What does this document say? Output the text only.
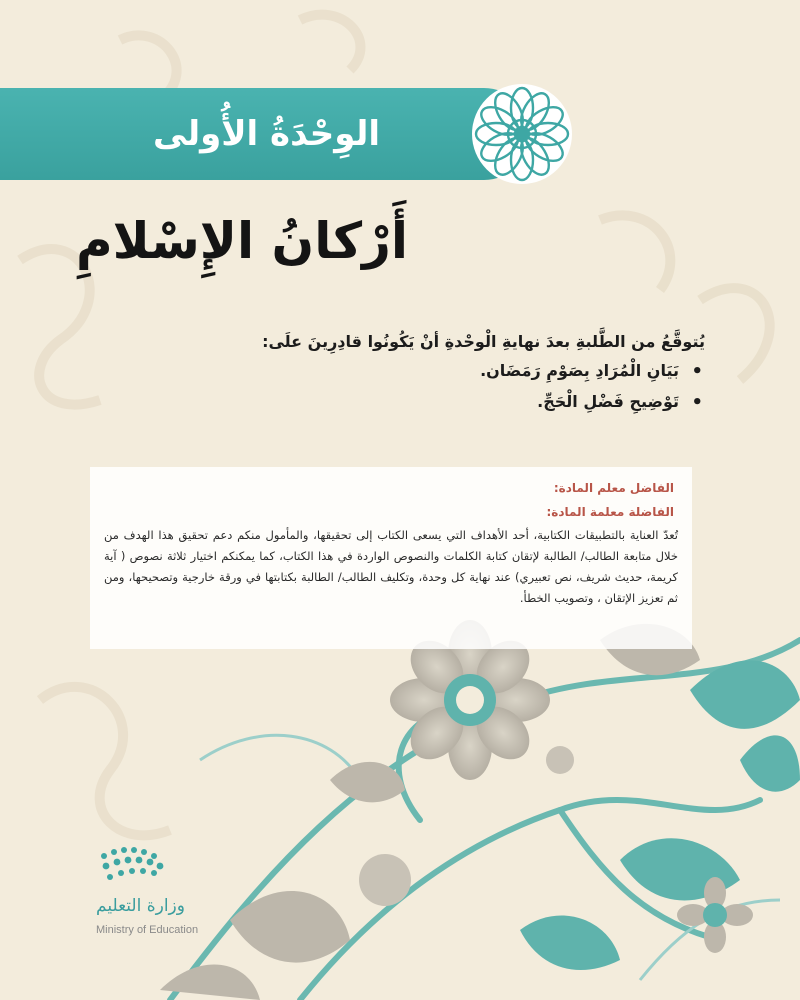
الوِحْدَةُ الأُولى
أَرْكانُ الإِسْلامِ

يُتوقَّعُ من الطَّلبةِ بعدَ نهايةِ الْوحْدةِ أنْ يَكُونُوا قادِرِينَ علَى:

•
بَيَانِ الْمُرَادِ بِصَوْمِ رَمَضَان.
•
تَوْضِيحِ فَضْلِ الْحَجِّ.
الفاضل معلم المادة:
الفاضلة معلمة المادة:
تُعدّ العناية بالتطبيقات الكتابية، أحد الأهداف التي يسعى الكتاب إلى تحقيقها، والمأمول منكم دعم تحقيق هذا الهدف من خلال متابعة الطالب/ الطالبة لإتقان كتابة الكلمات والنصوص الواردة في هذا الكتاب، كما يمكنكم اختيار ثلاثة نصوص ( آية كريمة، حديث شريف، نص تعبيري) عند نهاية كل وحدة، وتكليف الطالب/ الطالبة بكتابتها في ورقة خارجية وتصحيحها، ومن ثم تعزيز الإتقان ، وتصويب الخطأ.
وزارة التعليم
Ministry of Education
